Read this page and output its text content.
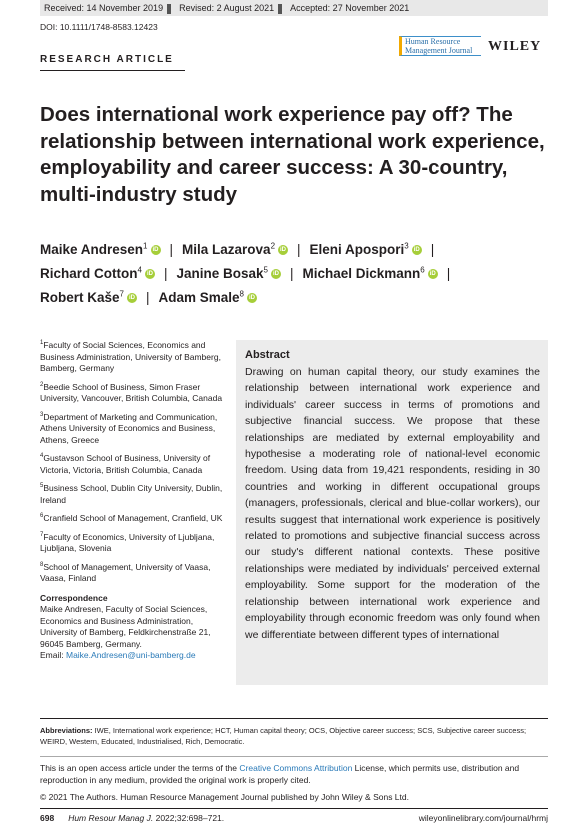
Received: 14 November 2019 Revised: 2 August 2021 Accepted: 27 November 2021
DOI: 10.1111/1748-8583.12423
Human Resource
Management Journal	WILEY
RESEARCH ARTICLE
Does international work experience pay off? The relationship between international work experience, employability and career success: A 30-country, multi-industry study
Maike Andresen$^1$ iD | Mila Lazarova$^2$ iD | Eleni Apospori$^3$ iD |
Richard Cotton$^4$ iD | Janine Bosak$^5$ iD | Michael Dickmann$^6$ iD |
Robert Kaše$^7$ iD | Adam Smale$^8$ iD
$^1$Faculty of Social Sciences, Economics and Business Administration, University of Bamberg, Bamberg, Germany
$^2$Beedie School of Business, Simon Fraser University, Vancouver, British Columbia, Canada
$^3$Department of Marketing and Communication, Athens University of Economics and Business, Athens, Greece
$^4$Gustavson School of Business, University of Victoria, Victoria, British Columbia, Canada
$^5$Business School, Dublin City University, Dublin, Ireland
$^6$Cranfield School of Management, Cranfield, UK
$^7$Faculty of Economics, University of Ljubljana, Ljubljana, Slovenia
$^8$School of Management, University of Vaasa, Vaasa, Finland
Correspondence
Maike Andresen, Faculty of Social Sciences, Economics and Business Administration, University of Bamberg, Feldkirchenstraße 21, 96045 Bamberg, Germany.
Email: Maike.Andresen@uni-bamberg.de
Abstract
Drawing on human capital theory, our study examines the relationship between international work experience and individuals' career success in terms of promotions and subjective financial success. We propose that these relationships are mediated by external employability and hypothesise a moderating role of national-level economic freedom. Using data from 19,421 respondents, residing in 30 countries and working in different occupational groups (managers, professionals, clerical and blue-collar workers), our results suggest that international work experience is positively related to promotions and subjective financial success across our study's different national contexts. These positive relationships were mediated by individuals' perceived external employability. Some support for the moderation of the relationship between international work experience and employability through economic freedom was only found when we differentiate between different types of international
Abbreviations: IWE, International work experience; HCT, Human capital theory; OCS, Objective career success; SCS, Subjective career success; WEIRD, Western, Educated, Industrialised, Rich, Democratic.
This is an open access article under the terms of the Creative Commons Attribution License, which permits use, distribution and reproduction in any medium, provided the original work is properly cited.
© 2021 The Authors. Human Resource Management Journal published by John Wiley & Sons Ltd.
698 Hum Resour Manag J. 2022;32:698–721.	wileyonlinelibrary.com/journal/hrmj
